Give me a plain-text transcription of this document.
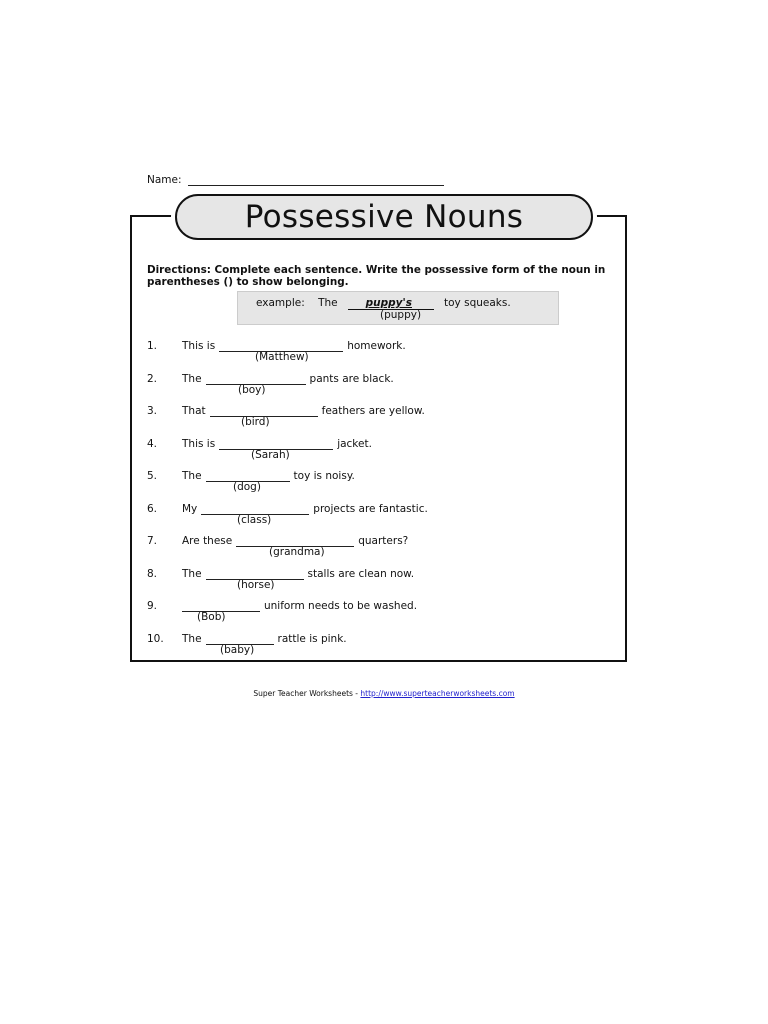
Name:
Possessive Nouns
Directions: Complete each sentence. Write the possessive form of the noun in parentheses () to show belonging.
example: The	puppy's	toy squeaks.
(puppy)
1. This is	homework.
(Matthew)
2. The	pants are black.
(boy)
3. That	feathers are yellow.
(bird)
4. This is	jacket.
(Sarah)
5. The	toy is noisy.
(dog)
6. My	projects are fantastic.
(class)
7. Are these	quarters?
(grandma)
8. The	stalls are clean now.
(horse)
9.	uniform needs to be washed.
(Bob)
10. The	rattle is pink.
(baby)
Super Teacher Worksheets - http://www.superteacherworksheets.com
